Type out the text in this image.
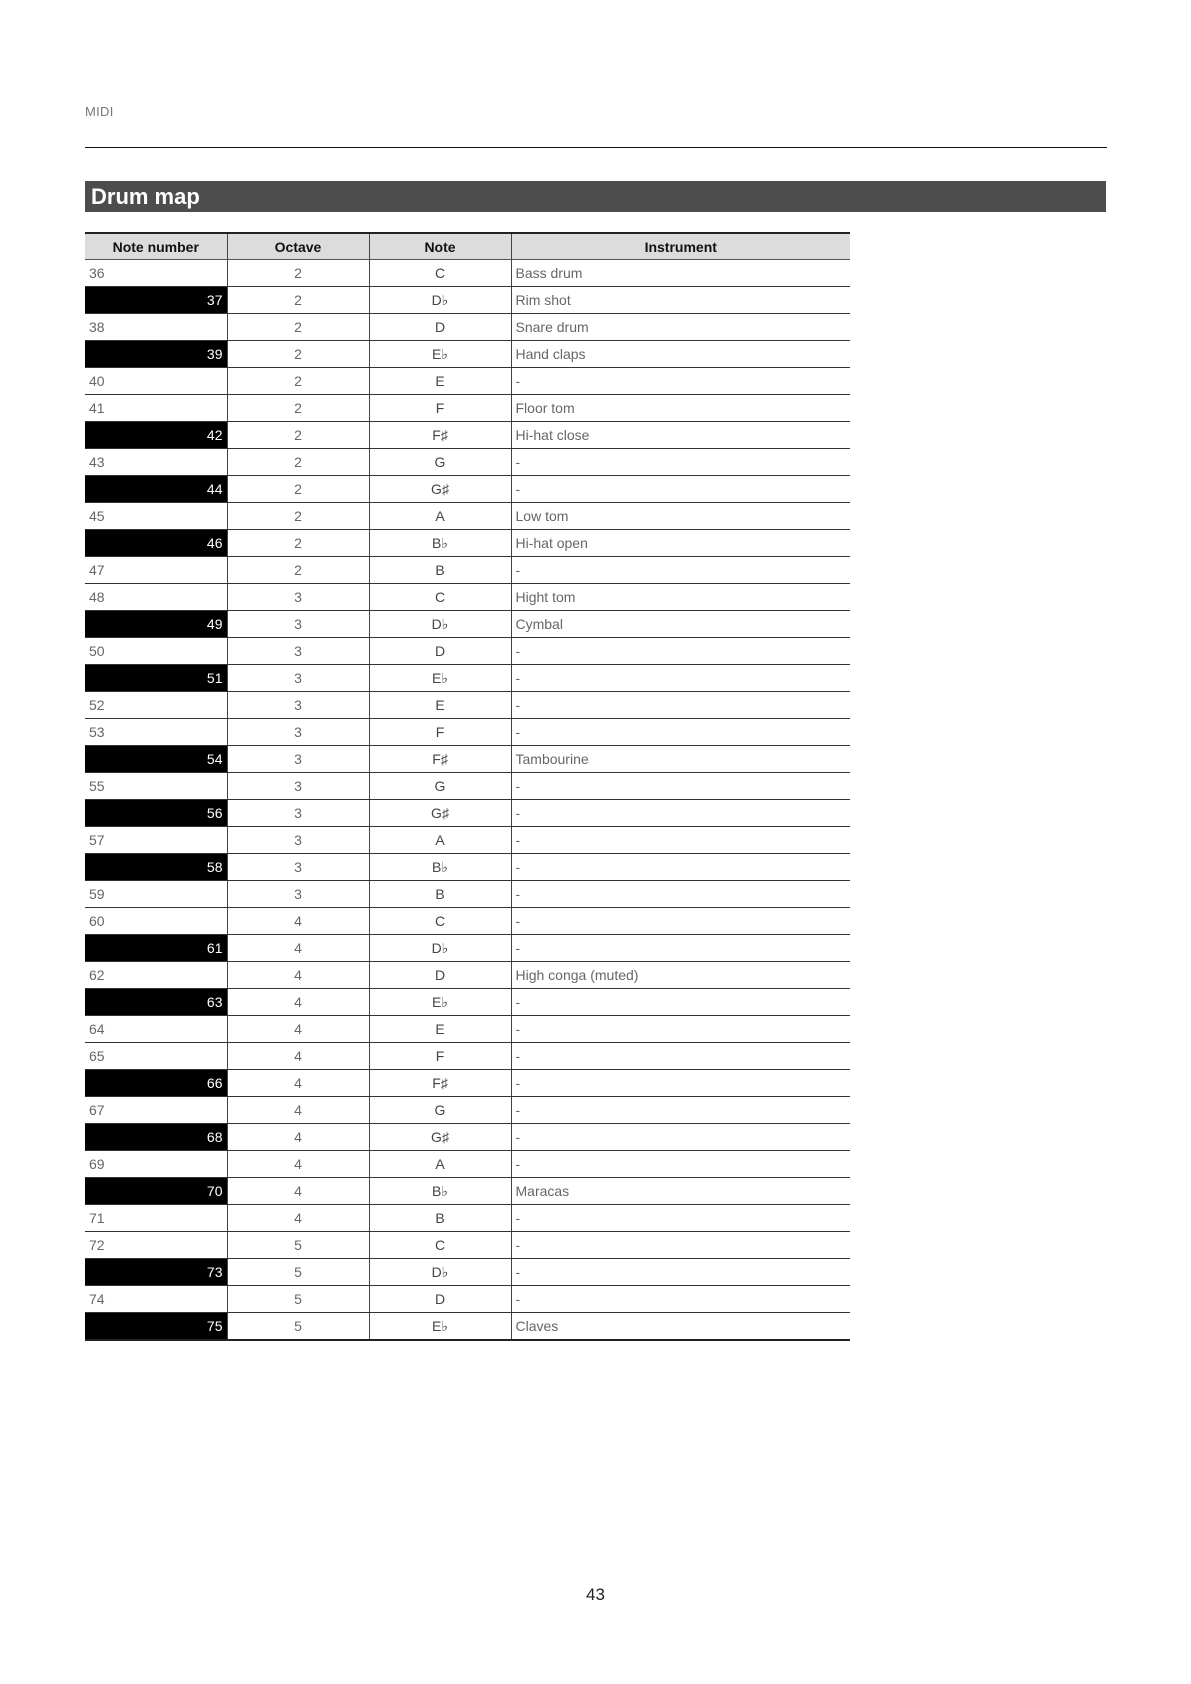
MIDI
Drum map
Note number	Octave	Note	Instrument
36	2	C	Bass drum
37	2	D♭	Rim shot
38	2	D	Snare drum
39	2	E♭	Hand claps
40	2	E	-
41	2	F	Floor tom
42	2	F♯	Hi-hat close
43	2	G	-
44	2	G♯	-
45	2	A	Low tom
46	2	B♭	Hi-hat open
47	2	B	-
48	3	C	Hight tom
49	3	D♭	Cymbal
50	3	D	-
51	3	E♭	-
52	3	E	-
53	3	F	-
54	3	F♯	Tambourine
55	3	G	-
56	3	G♯	-
57	3	A	-
58	3	B♭	-
59	3	B	-
60	4	C	-
61	4	D♭	-
62	4	D	High conga (muted)
63	4	E♭	-
64	4	E	-
65	4	F	-
66	4	F♯	-
67	4	G	-
68	4	G♯	-
69	4	A	-
70	4	B♭	Maracas
71	4	B	-
72	5	C	-
73	5	D♭	-
74	5	D	-
75	5	E♭	Claves
43
